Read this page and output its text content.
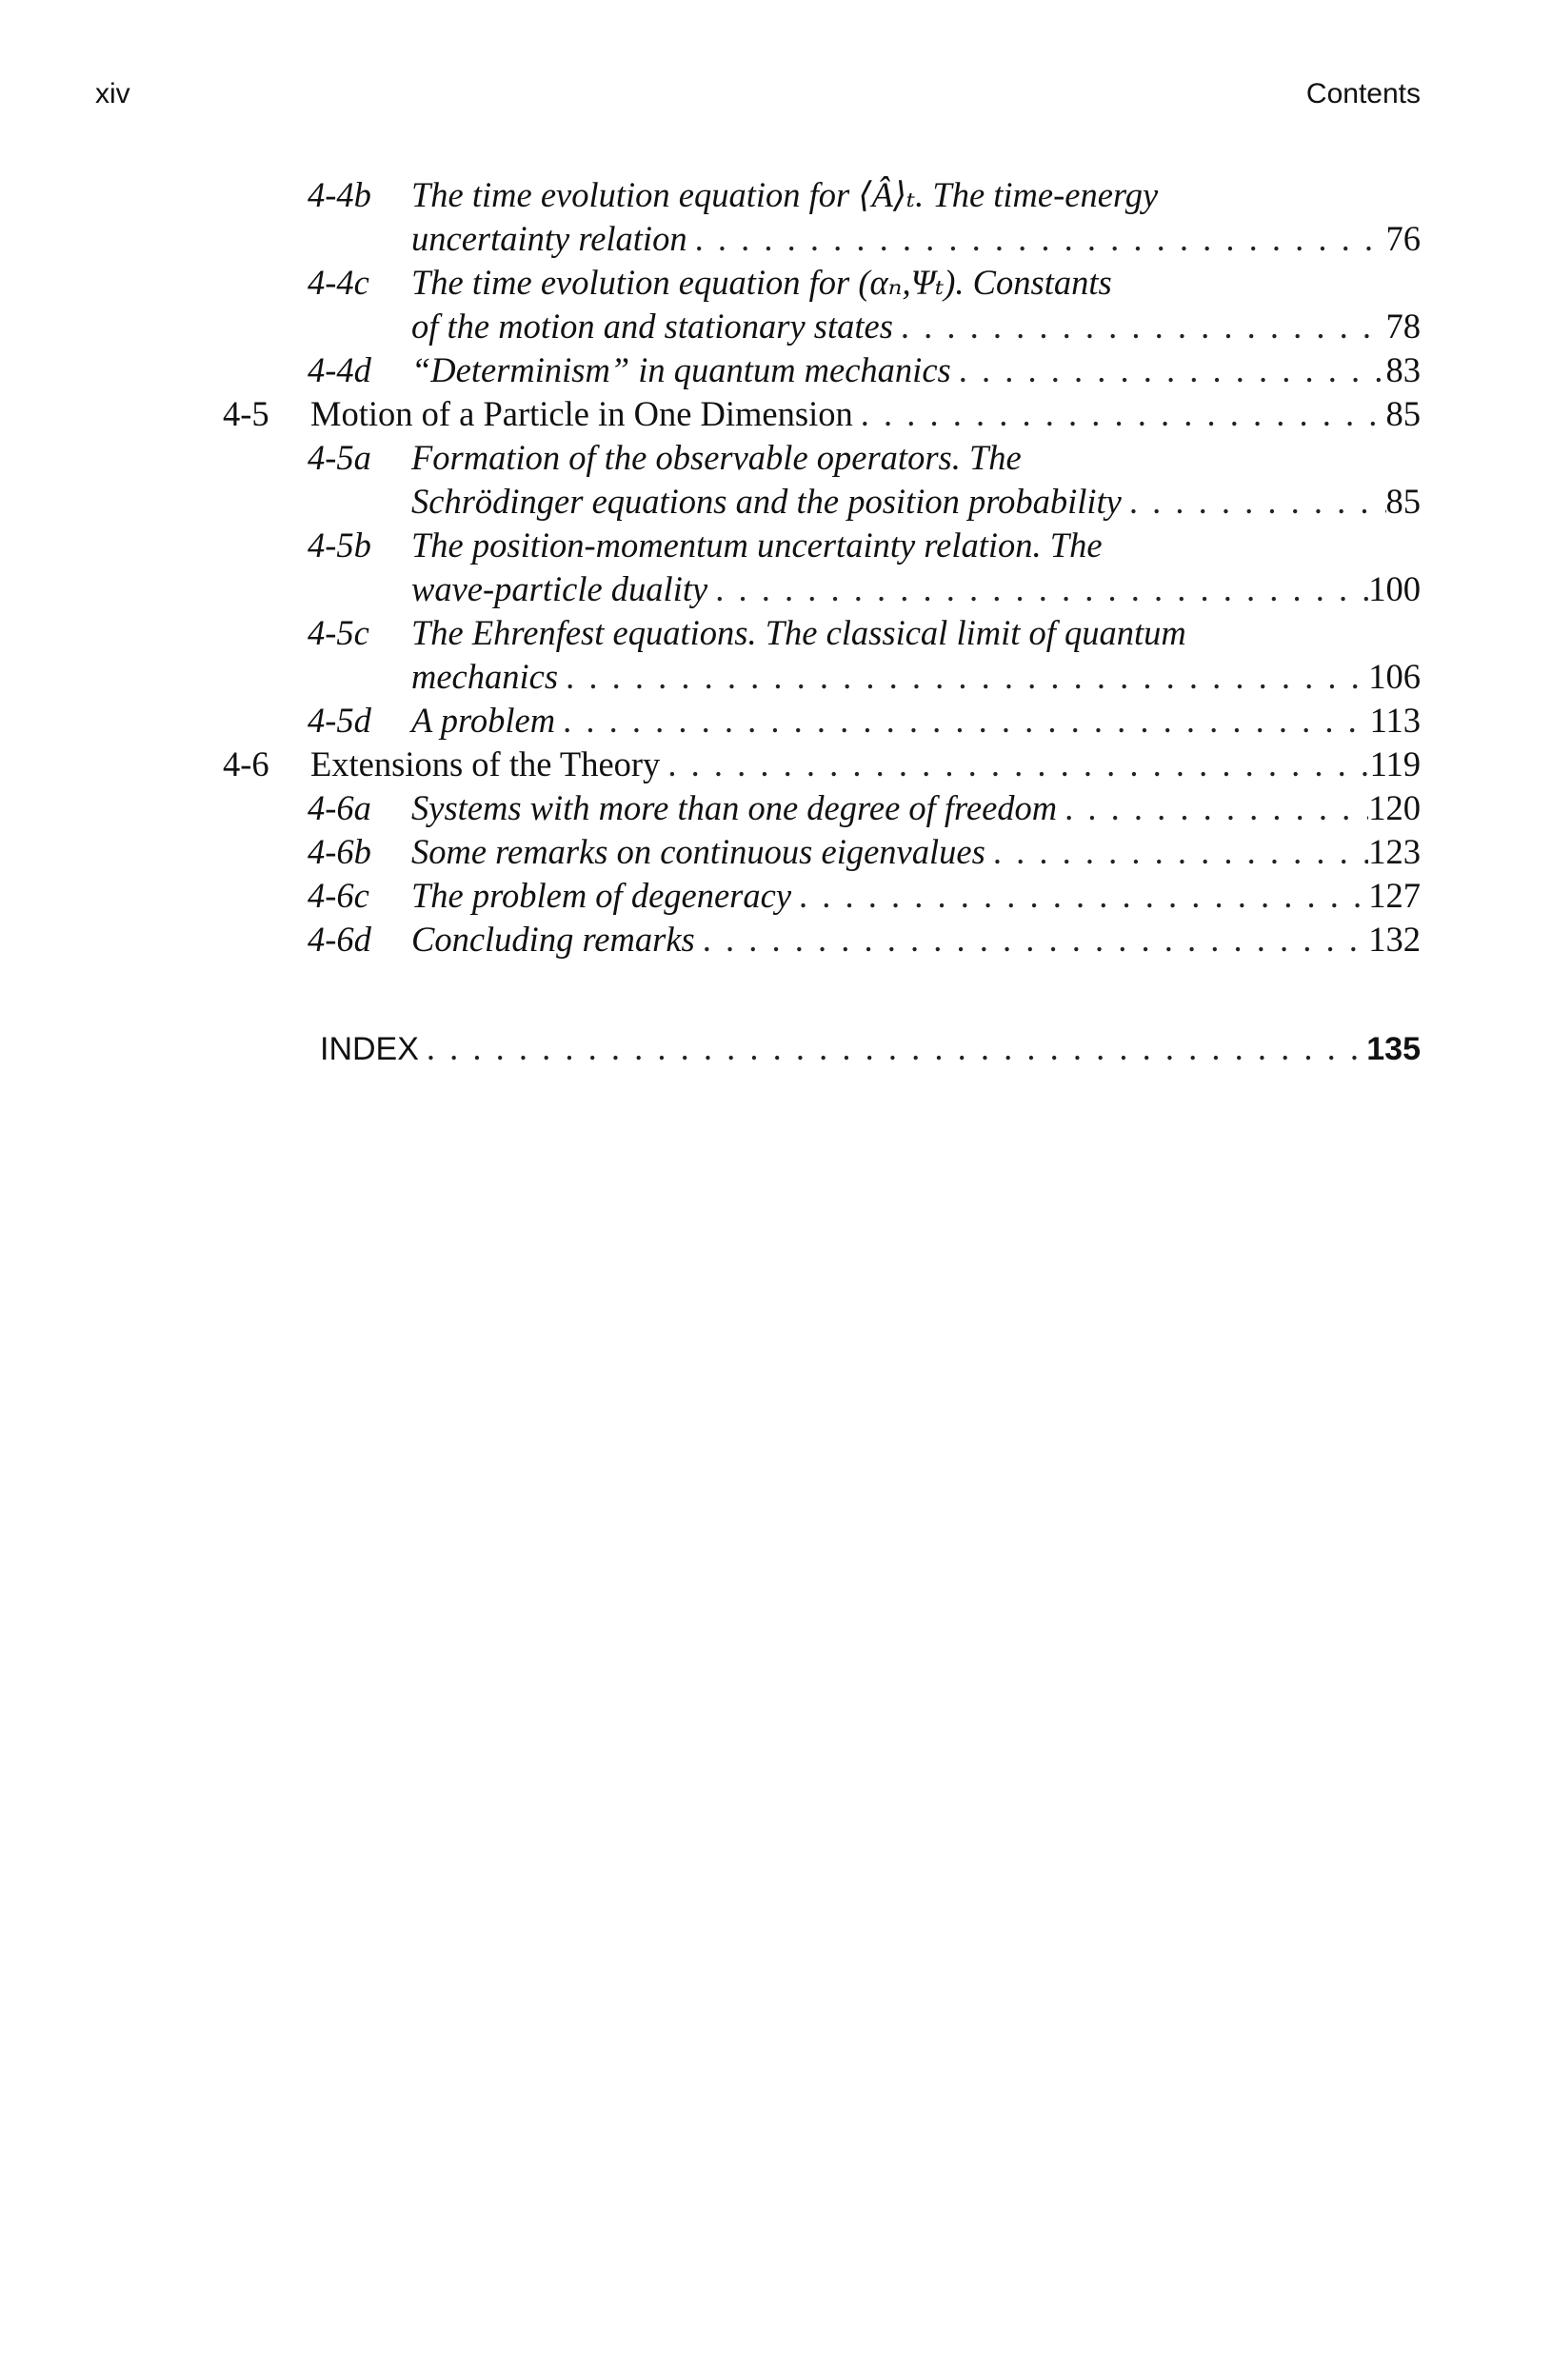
xiv	Contents
4-4b The time evolution equation for ⟨Â⟩ₜ. The time-energy
uncertainty relation . . .	76
4-4c The time evolution equation for (αₙ,Ψₜ). Constants
of the motion and stationary states . . .	78
4-4d “Determinism” in quantum mechanics . . .	83
4-5 Motion of a Particle in One Dimension . . .	85
4-5a Formation of the observable operators. The
Schrödinger equations and the position probability . . .	85
4-5b The position-momentum uncertainty relation. The
wave-particle duality . . .	100
4-5c The Ehrenfest equations. The classical limit of quantum
mechanics . . .	106
4-5d A problem . . .	113
4-6 Extensions of the Theory . . .	119
4-6a Systems with more than one degree of freedom . . .	120
4-6b Some remarks on continuous eigenvalues . . .	123
4-6c The problem of degeneracy . . .	127
4-6d Concluding remarks . . .	132
INDEX . . .	135
